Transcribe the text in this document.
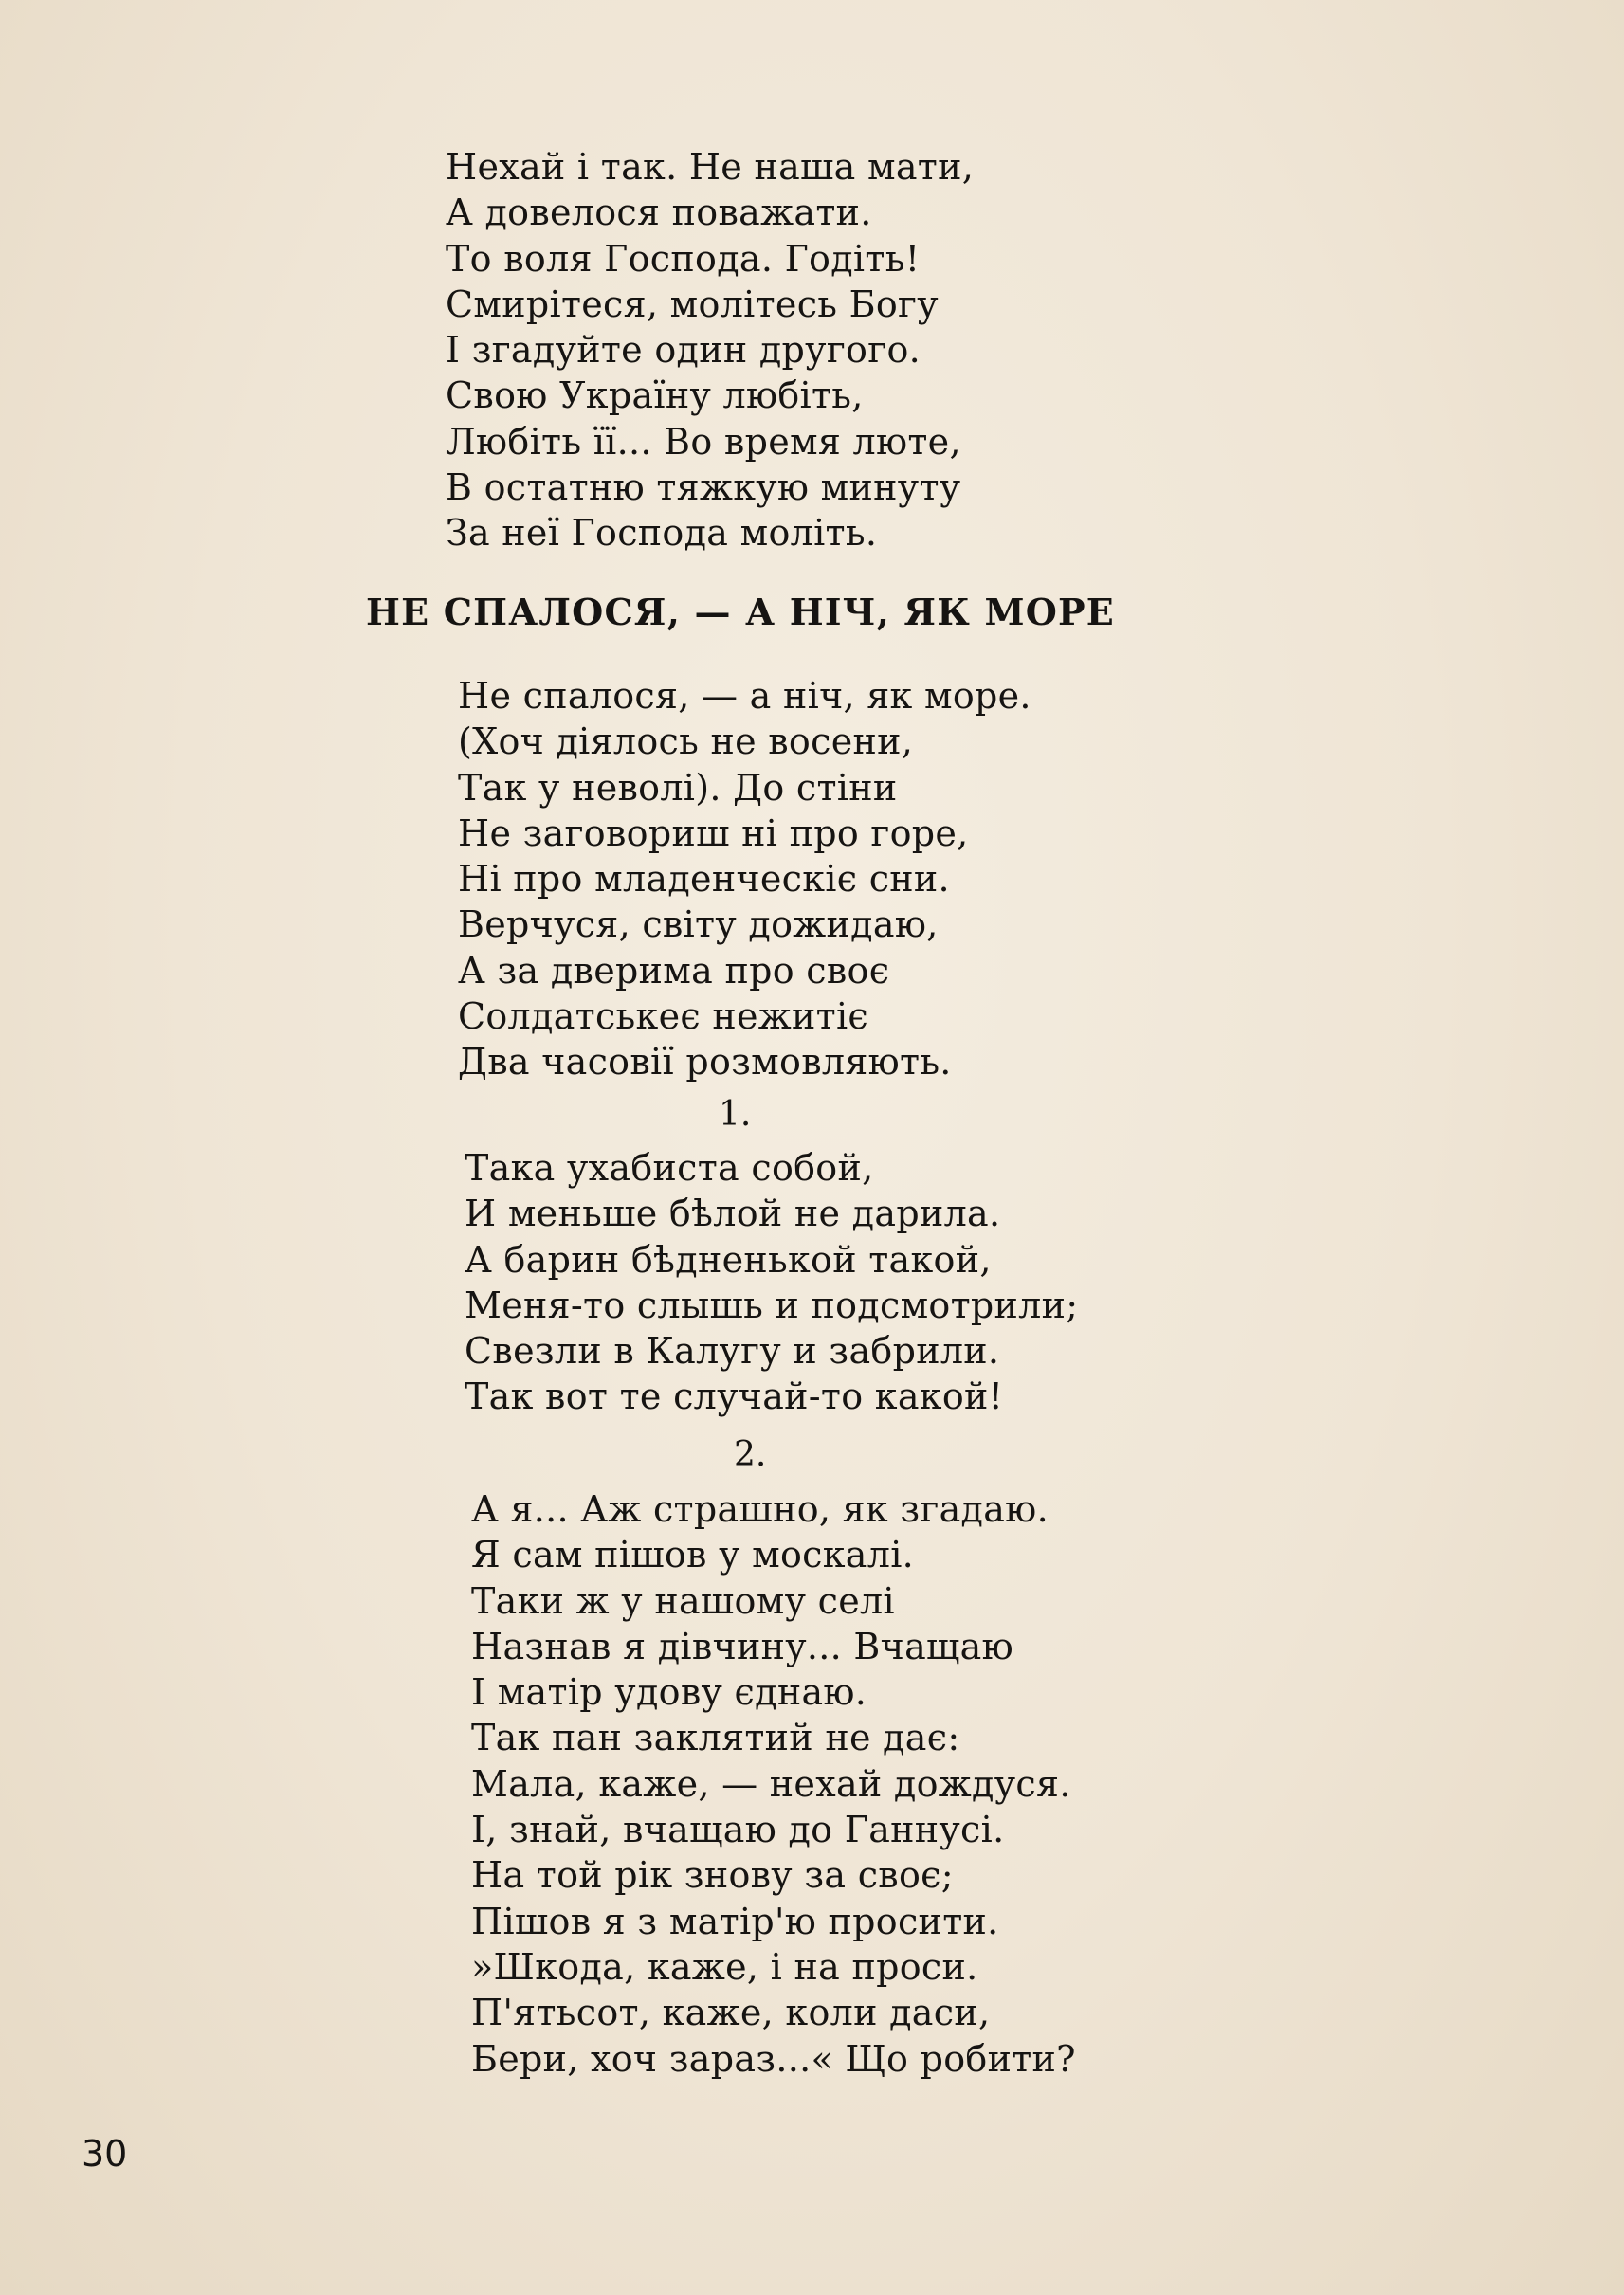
Нехай і так. Не наша мати,
А довелося поважати.
То воля Господа. Годіть!
Смирітеся, молітесь Богу
І згадуйте один другого.
Свою Україну любіть,
Любіть її... Во время люте,
В остатню тяжкую минуту
За неї Господа моліть.
НЕ СПАЛОСЯ, — А НІЧ, ЯК МОРЕ
Не спалося, — а ніч, як море.
(Хоч діялось не восени,
Так у неволі). До стіни
Не заговориш ні про горе,
Ні про младенческіє сни.
Верчуся, світу дожидаю,
А за дверима про своє
Солдатськеє нежитіє
Два часовії розмовляють.

1.

Така ухабиста собой,
И меньше бѣлой не дарила.
А барин бѣдненькой такой,
Меня-то слышь и подсмотрили;
Свезли в Калугу и забрили.
Так вот те случай-то какой!

2.

А я... Аж страшно, як згадаю.
Я сам пішов у москалі.
Таки ж у нашому селі
Назнав я дівчину... Вчащаю
І матір удову єднаю.
Так пан заклятий не дає:
Мала, каже, — нехай дождуся.
І, знай, вчащаю до Ганнусі.
На той рік знову за своє;
Пішов я з матір'ю просити.
»Шкода, каже, і на проси.
П'ятьсот, каже, коли даси,
Бери, хоч зараз...« Що робити?

30
